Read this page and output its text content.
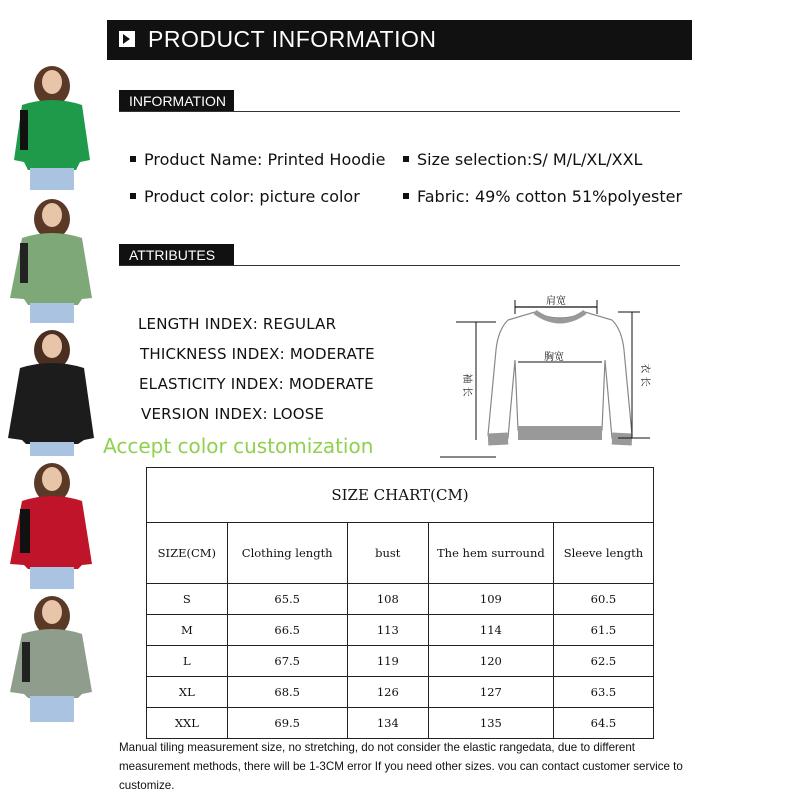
PRODUCT INFORMATION
INFORMATION
Product Name: Printed Hoodie	Size selection:S/ M/L/XL/XXL
Product color: picture color	Fabric: 49% cotton 51%polyester
ATTRIBUTES
LENGTH INDEX: REGULAR
THICKNESS INDEX: MODERATE
ELASTICITY INDEX: MODERATE
VERSION INDEX: LOOSE
肩宽
胸宽
袖 长	衣 长
Accept color customization
SIZE CHART(CM)				
SIZE(CM)	Clothing length	bust	The hem surround	Sleeve length
S	65.5	108	109	60.5
M	66.5	113	114	61.5
L	67.5	119	120	62.5
XL	68.5	126	127	63.5
XXL	69.5	134	135	64.5
Manual tiling measurement size, no stretching, do not consider the elastic rangedata, due to different measurement methods, there will be 1-3CM error If you need other sizes. vou can contact customer service to customize.
